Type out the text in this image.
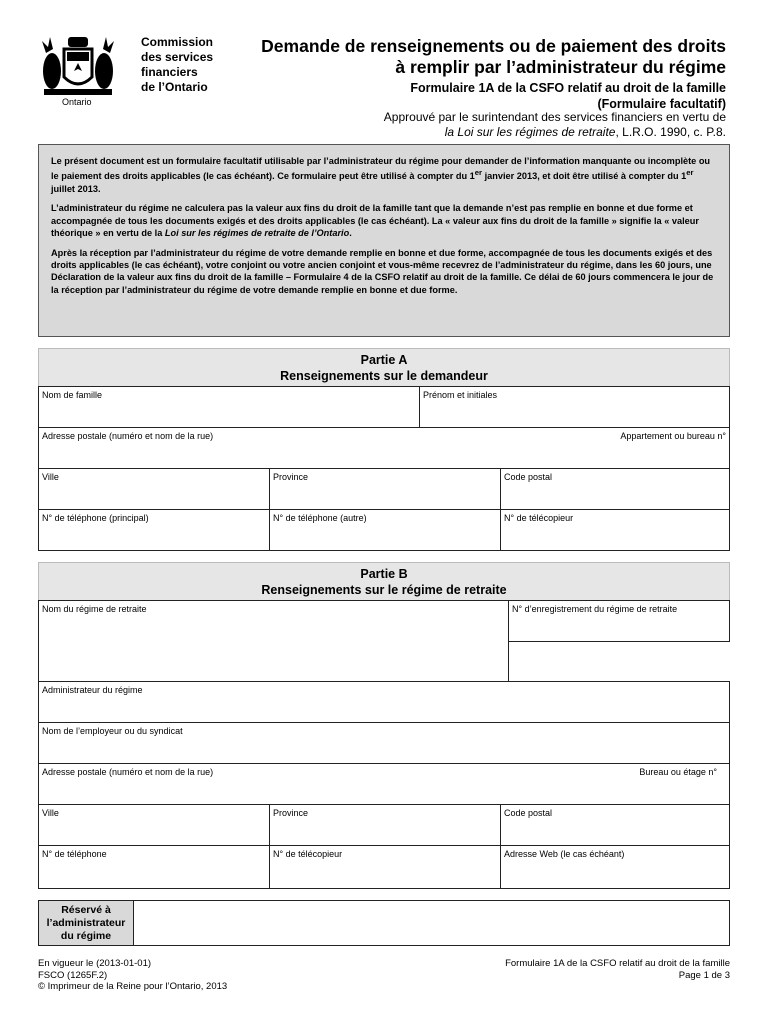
Ontario
Commission
des services
financiers
de l’Ontario
Demande de renseignements ou de paiement des droits
à remplir par l’administrateur du régime
Formulaire 1A de la CSFO relatif au droit de la famille
(Formulaire facultatif)
Approuvé par le surintendant des services financiers en vertu de
la Loi sur les régimes de retraite, L.R.O. 1990, c. P.8.

Le présent document est un formulaire facultatif utilisable par l’administrateur du régime pour demander de l’information manquante ou incomplète ou le paiement des droits applicables (le cas échéant). Ce formulaire peut être utilisé à compter du 1er janvier 2013, et doit être utilisé à compter du 1er juillet 2013.

L’administrateur du régime ne calculera pas la valeur aux fins du droit de la famille tant que la demande n’est pas remplie en bonne et due forme et accompagnée de tous les documents exigés et des droits applicables (le cas échéant). La « valeur aux fins du droit de la famille » signifie la « valeur théorique » en vertu de la Loi sur les régimes de retraite de l’Ontario.

Après la réception par l’administrateur du régime de votre demande remplie en bonne et due forme, accompagnée de tous les documents exigés et des droits applicables (le cas échéant), votre conjoint ou votre ancien conjoint et vous-même recevrez de l’administrateur du régime, dans les 60 jours, une Déclaration de la valeur aux fins du droit de la famille – Formulaire 4 de la CSFO relatif au droit de la famille. Ce délai de 60 jours commencera le jour de la réception par l’administrateur du régime de votre demande remplie en bonne et due forme.

Partie A
Renseignements sur le demandeur
Nom de famille	Prénom et initiales
Adresse postale (numéro et nom de la rue)	Appartement ou bureau n°
Ville	Province	Code postal
N° de téléphone (principal)	N° de téléphone (autre)	N° de télécopieur
Partie B
Renseignements sur le régime de retraite
Nom du régime de retraite	N° d’enregistrement du régime de retraite
Administrateur du régime
Nom de l’employeur ou du syndicat
Adresse postale (numéro et nom de la rue)	Bureau ou étage n°
Ville	Province	Code postal
N° de téléphone	N° de télécopieur	Adresse Web (le cas échéant)
Réservé à
l’administrateur
du régime
En vigueur le (2013-01-01)
FSCO (1265F.2)
© Imprimeur de la Reine pour l’Ontario, 2013
Formulaire 1A de la CSFO relatif au droit de la famille
Page 1 de 3
